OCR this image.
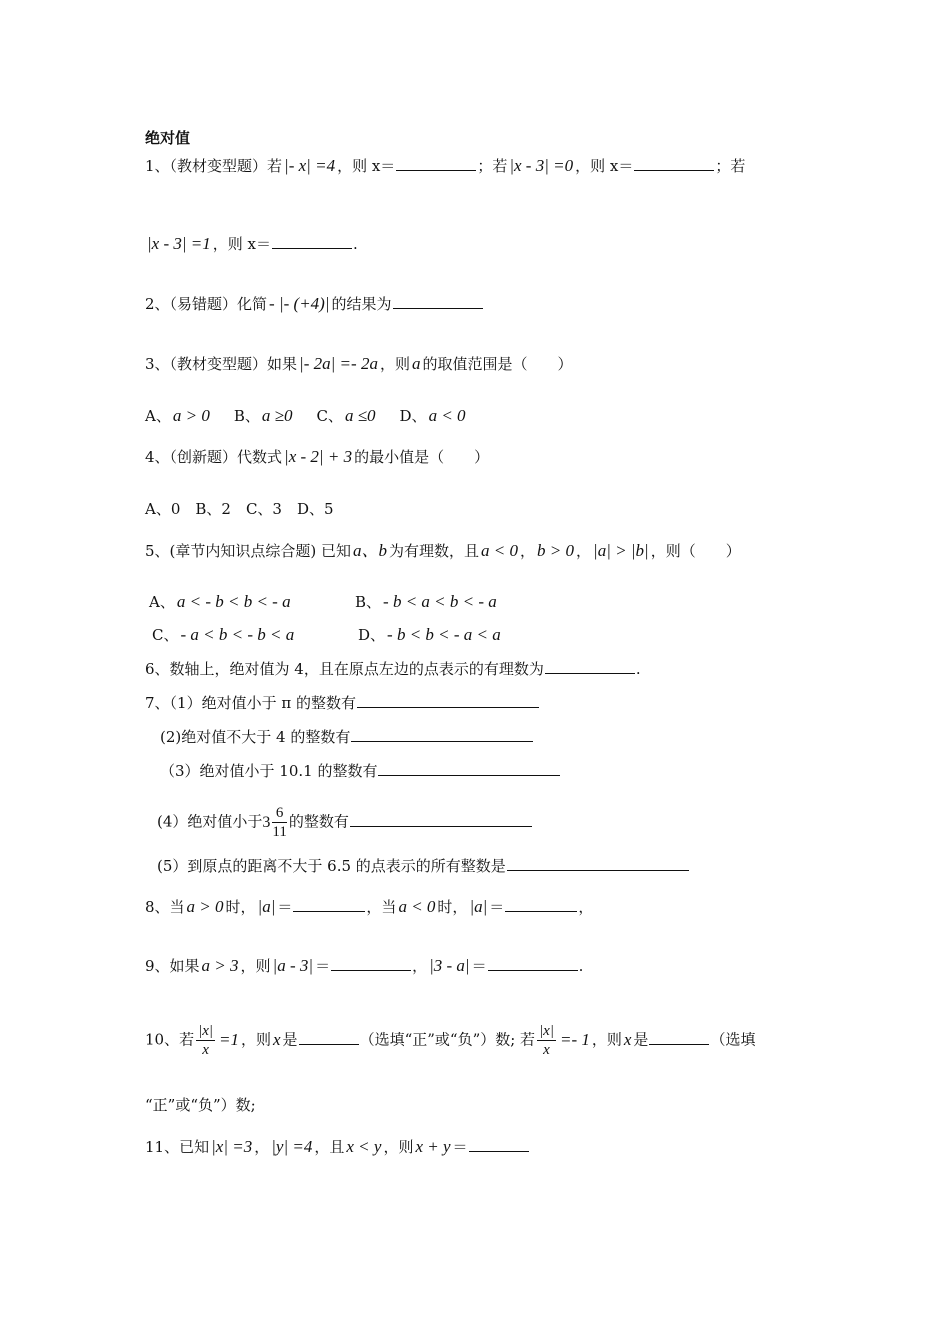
绝对值
1、（教材变型题）若 |- x| =4 ，则 x＝	；若 |x - 3| =0 ，则 x＝	；若
|x - 3| =1 ，则 x＝	.
2、（易错题）化简 - |- (+4)| 的结果为
3、（教材变型题）如果 |- 2a| =- 2a ，则 a 的取值范围是（　　）
A、 a > 0 B、 a ≥0 C、 a ≤0 D、 a < 0
4、（创新题）代数式 |x - 2| + 3 的最小值是（　　）
A、0　B、2　C、3　D、5
5、(章节内知识点综合题) 已知 a、b 为有理数，且 a < 0 ， b > 0 ， |a| > |b| ，则（　　）
A、 a < - b < b < - a	B、 - b < a < b < - a
C、 - a < b < - b < a	D、 - b < b < - a < a
6、数轴上，绝对值为 4，且在原点左边的点表示的有理数为	.
7、（1）绝对值小于 π 的整数有
(2)绝对值不大于 4 的整数有
（3）绝对值小于 10.1 的整数有
(4）绝对值小于 $3 \frac{6}{11}$ 的整数有
(5）到原点的距离不大于 6.5 的点表示的所有整数是
8、当 a > 0 时， |a| ＝	，当 a < 0 时， |a| ＝	，
9、如果 a > 3 ，则 |a - 3| ＝	， |3 - a| ＝	.
10、若 $\frac{|x|}{x} =1$ ，则 x 是	（选填“正”或“负”）数; 若 $\frac{|x|}{x} =- 1$ ，则 x 是	（选填
“正”或“负”）数;
11、已知 |x| =3 ， |y| =4 ，且 x < y ，则 x + y ＝
